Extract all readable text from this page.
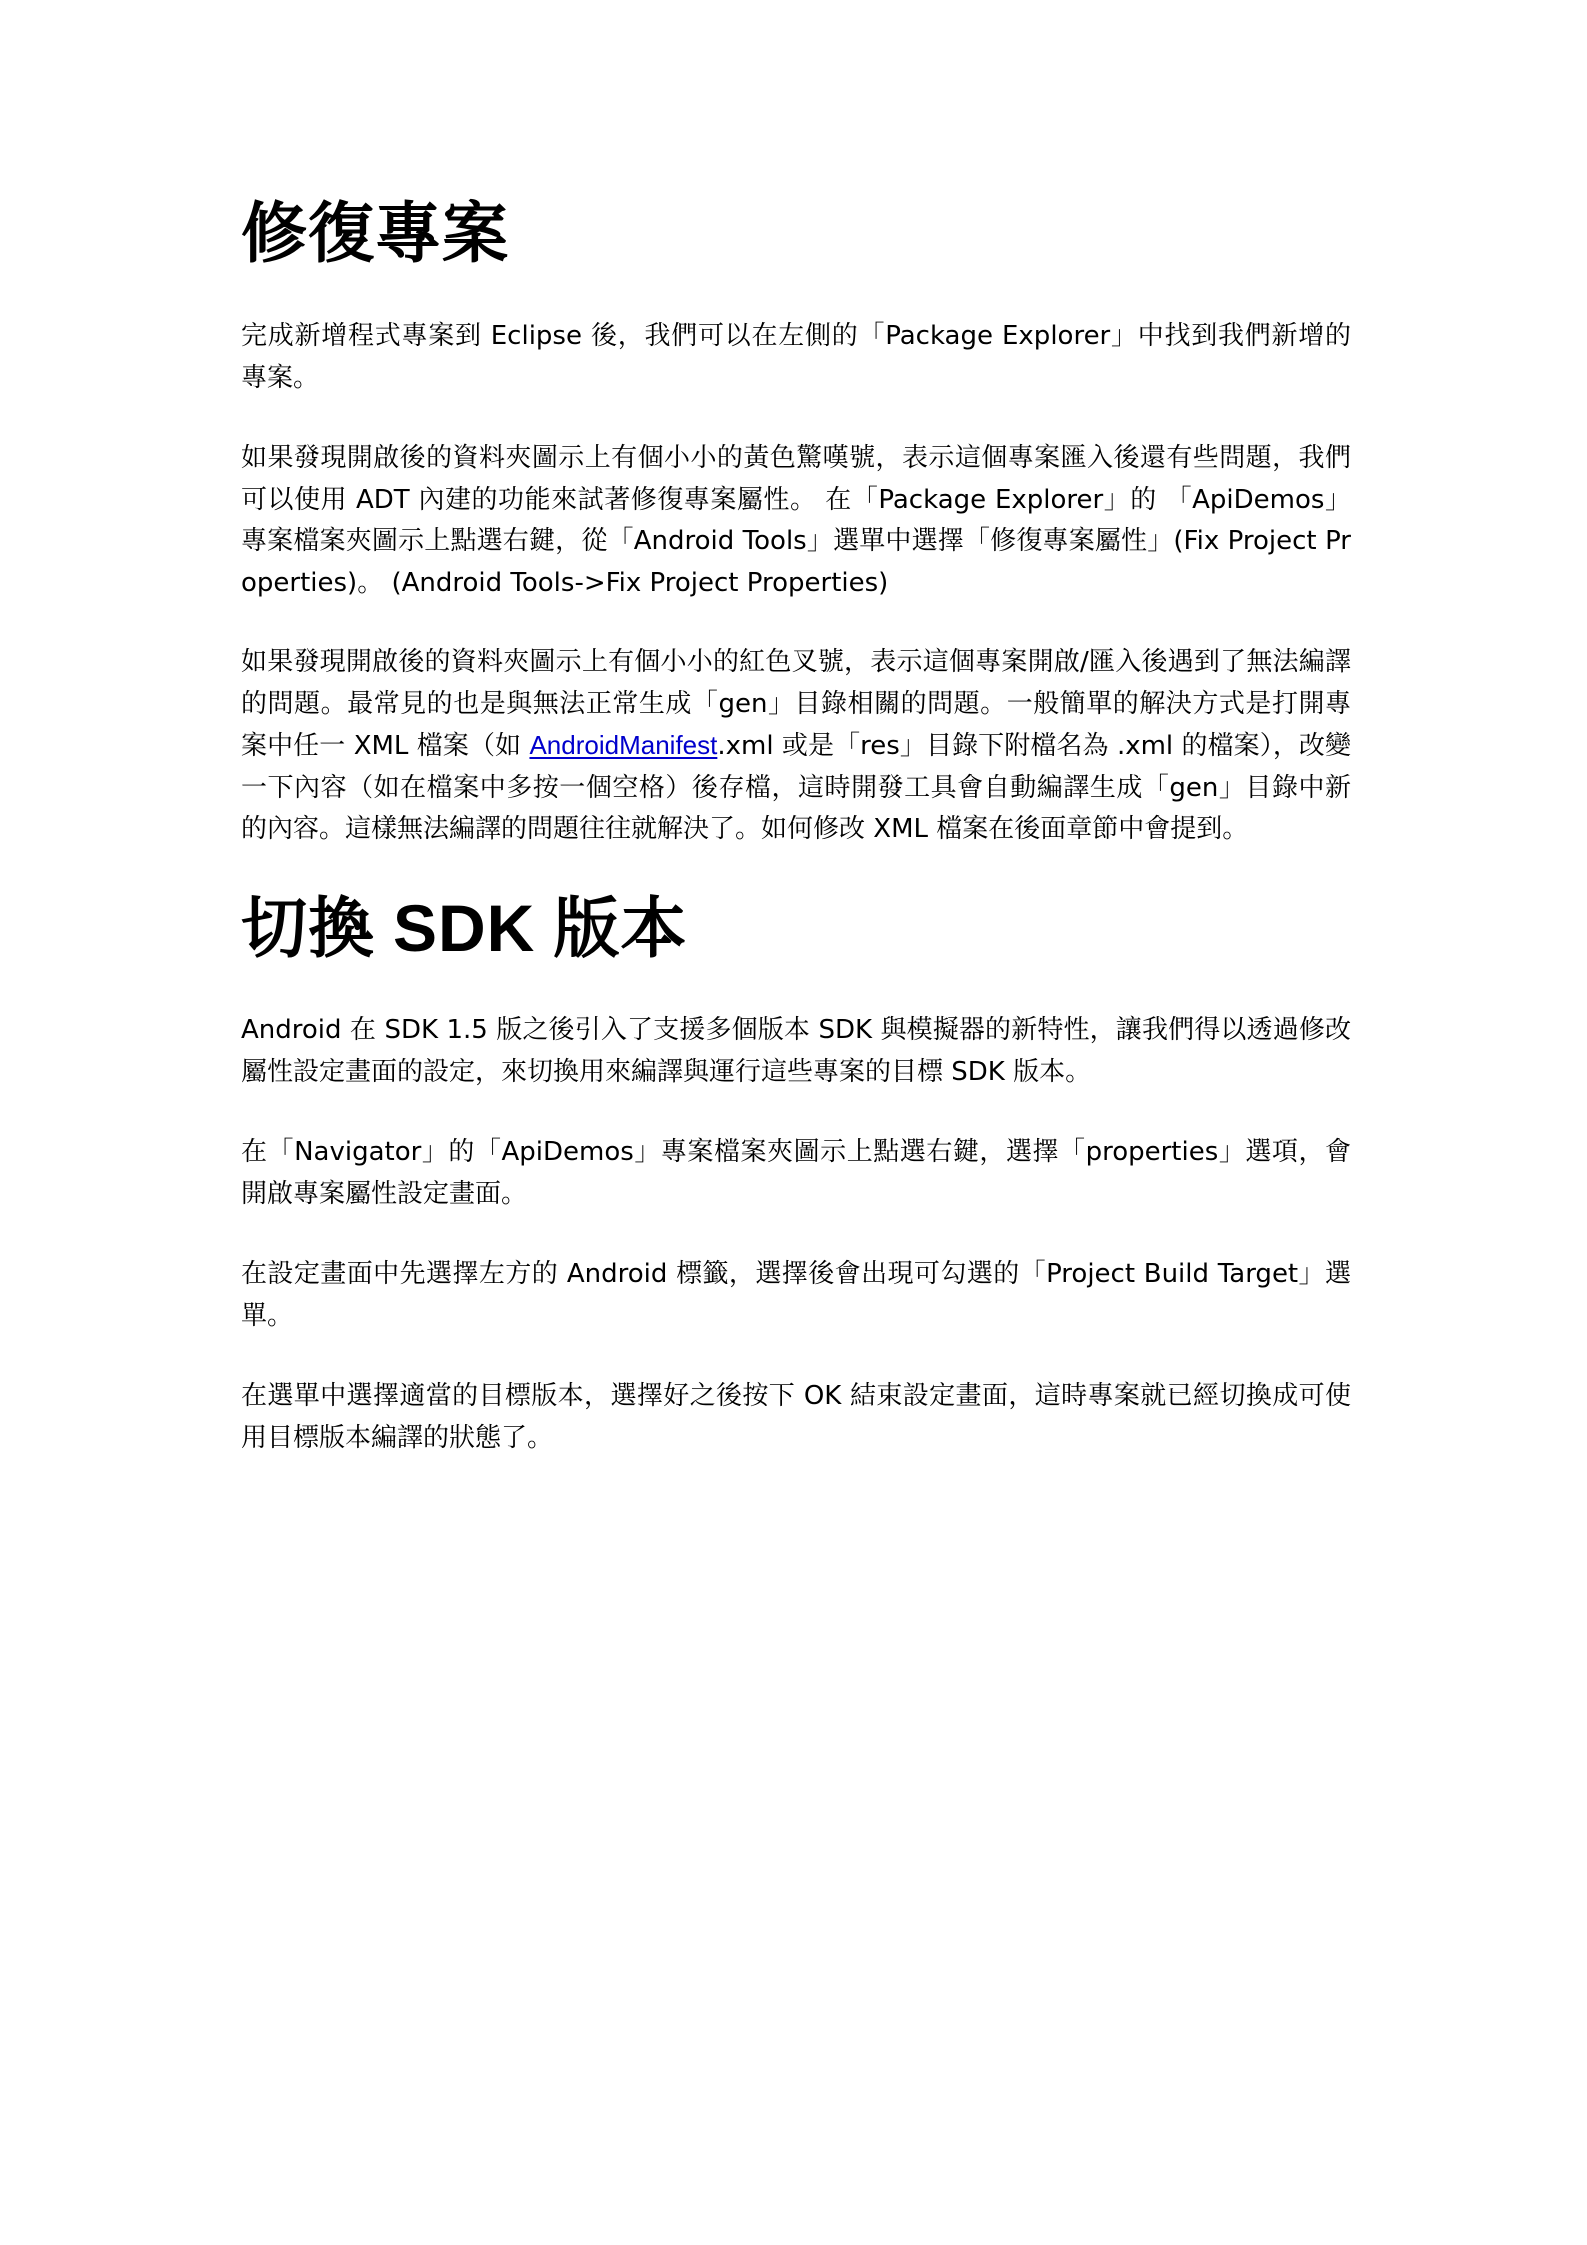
修復專案

完成新增程式專案到 Eclipse 後，我們可以在左側的「Package Explorer」中找到我們新增的專案。

如果發現開啟後的資料夾圖示上有個小小的黃色驚嘆號，表示這個專案匯入後還有些問題，我們可以使用 ADT 內建的功能來試著修復專案屬性。 在「Package Explorer」的 「ApiDemos」 專案檔案夾圖示上點選右鍵，從「Android Tools」選單中選擇「修復專案屬性」(Fix Project Properties)。 (Android Tools->Fix Project Properties)

如果發現開啟後的資料夾圖示上有個小小的紅色叉號，表示這個專案開啟/匯入後遇到了無法編譯的問題。最常見的也是與無法正常生成「gen」目錄相關的問題。一般簡單的解決方式是打開專案中任一 XML 檔案（如 AndroidManifest.xml 或是「res」目錄下附檔名為 .xml 的檔案），改變一下內容（如在檔案中多按一個空格）後存檔，這時開發工具會自動編譯生成「gen」目錄中新的內容。這樣無法編譯的問題往往就解決了。如何修改 XML 檔案在後面章節中會提到。

切換 SDK 版本

Android 在 SDK 1.5 版之後引入了支援多個版本 SDK 與模擬器的新特性，讓我們得以透過修改屬性設定畫面的設定，來切換用來編譯與運行這些專案的目標 SDK 版本。

在「Navigator」的「ApiDemos」專案檔案夾圖示上點選右鍵，選擇「properties」選項，會開啟專案屬性設定畫面。

在設定畫面中先選擇左方的 Android 標籤，選擇後會出現可勾選的「Project Build Target」選單。

在選單中選擇適當的目標版本，選擇好之後按下 OK 結束設定畫面，這時專案就已經切換成可使用目標版本編譯的狀態了。
